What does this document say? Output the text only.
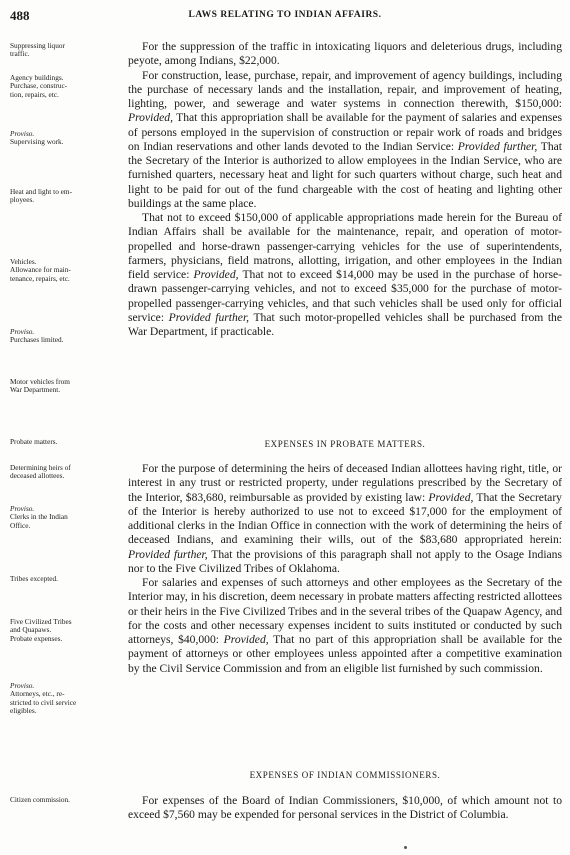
488	LAWS RELATING TO INDIAN AFFAIRS.
Suppressing liquor
traffic.
Agency buildings.
Purchase, construc-
tion, repairs, etc.
Proviso.
Supervising work.
Heat and light to em-
ployees.
Vehicles.
Allowance for main-
tenance, repairs, etc.
Proviso.
Purchases limited.
Motor vehicles from
War Department.
Probate matters.
Determining heirs of
deceased allottees.
Proviso.
Clerks in the Indian
Office.
Tribes excepted.
Five Civilized Tribes
and Quapaws.
Probate expenses.
Proviso.
Attorneys, etc., re-
stricted to civil service
eligibles.
Citizen commission.

For the suppression of the traffic in intoxicating liquors and deleterious drugs, including peyote, among Indians, $22,000.

For construction, lease, purchase, repair, and improvement of agency buildings, including the purchase of necessary lands and the installation, repair, and improvement of heating, lighting, power, and sewerage and water systems in connection therewith, $150,000: Provided, That this appropriation shall be available for the payment of salaries and expenses of persons employed in the supervision of construction or repair work of roads and bridges on Indian reservations and other lands devoted to the Indian Service: Provided further, That the Secretary of the Interior is authorized to allow employees in the Indian Service, who are furnished quarters, necessary heat and light for such quarters without charge, such heat and light to be paid for out of the fund chargeable with the cost of heating and lighting other buildings at the same place.

That not to exceed $150,000 of applicable appropriations made herein for the Bureau of Indian Affairs shall be available for the maintenance, repair, and operation of motor-propelled and horse-drawn passenger-carrying vehicles for the use of superintendents, farmers, physicians, field matrons, allotting, irrigation, and other employees in the Indian field service: Provided, That not to exceed $14,000 may be used in the purchase of horse-drawn passenger-carrying vehicles, and not to exceed $35,000 for the purchase of motor-propelled passenger-carrying vehicles, and that such vehicles shall be used only for official service: Provided further, That such motor-propelled vehicles shall be purchased from the War Department, if practicable.

EXPENSES IN PROBATE MATTERS.

For the purpose of determining the heirs of deceased Indian allottees having right, title, or interest in any trust or restricted property, under regulations prescribed by the Secretary of the Interior, $83,680, reimbursable as provided by existing law: Provided, That the Secretary of the Interior is hereby authorized to use not to exceed $17,000 for the employment of additional clerks in the Indian Office in connection with the work of determining the heirs of deceased Indians, and examining their wills, out of the $83,680 appropriated herein: Provided further, That the provisions of this paragraph shall not apply to the Osage Indians nor to the Five Civilized Tribes of Oklahoma.

For salaries and expenses of such attorneys and other employees as the Secretary of the Interior may, in his discretion, deem necessary in probate matters affecting restricted allottees or their heirs in the Five Civilized Tribes and in the several tribes of the Quapaw Agency, and for the costs and other necessary expenses incident to suits instituted or conducted by such attorneys, $40,000: Provided, That no part of this appropriation shall be available for the payment of attorneys or other employees unless appointed after a competitive examination by the Civil Service Commission and from an eligible list furnished by such commission.

EXPENSES OF INDIAN COMMISSIONERS.

For expenses of the Board of Indian Commissioners, $10,000, of which amount not to exceed $7,560 may be expended for personal services in the District of Columbia.
